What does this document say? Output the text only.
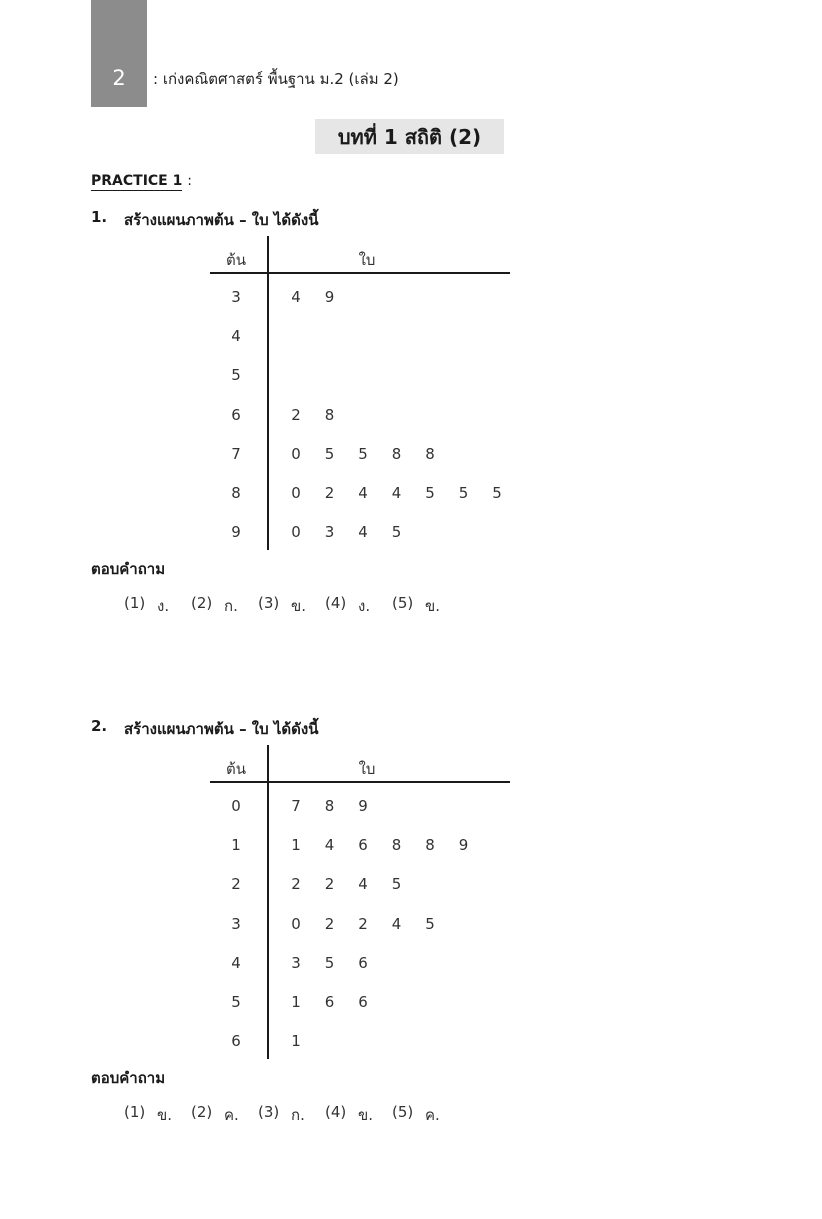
2	: เก่งคณิตศาสตร์ พื้นฐาน ม.2 (เล่ม 2)
บทที่ 1 สถิติ (2)
PRACTICE 1 :
1. สร้างแผนภาพต้น – ใบ ได้ดังนี้
ต้น	ใบ
3	4	9
4
5
6	2	8
7	0	5	5	8	8
8	0	2	4	4	5	5	5
9	0	3	4	5
ตอบคำถาม
(1) ง. (2) ก. (3) ข. (4) ง. (5) ข.
2. สร้างแผนภาพต้น – ใบ ได้ดังนี้
ต้น	ใบ
0	7	8	9
1	1	4	6	8	8	9
2	2	2	4	5
3	0	2	2	4	5
4	3	5	6
5	1	6	6
6	1
ตอบคำถาม
(1) ข. (2) ค. (3) ก. (4) ข. (5) ค.
